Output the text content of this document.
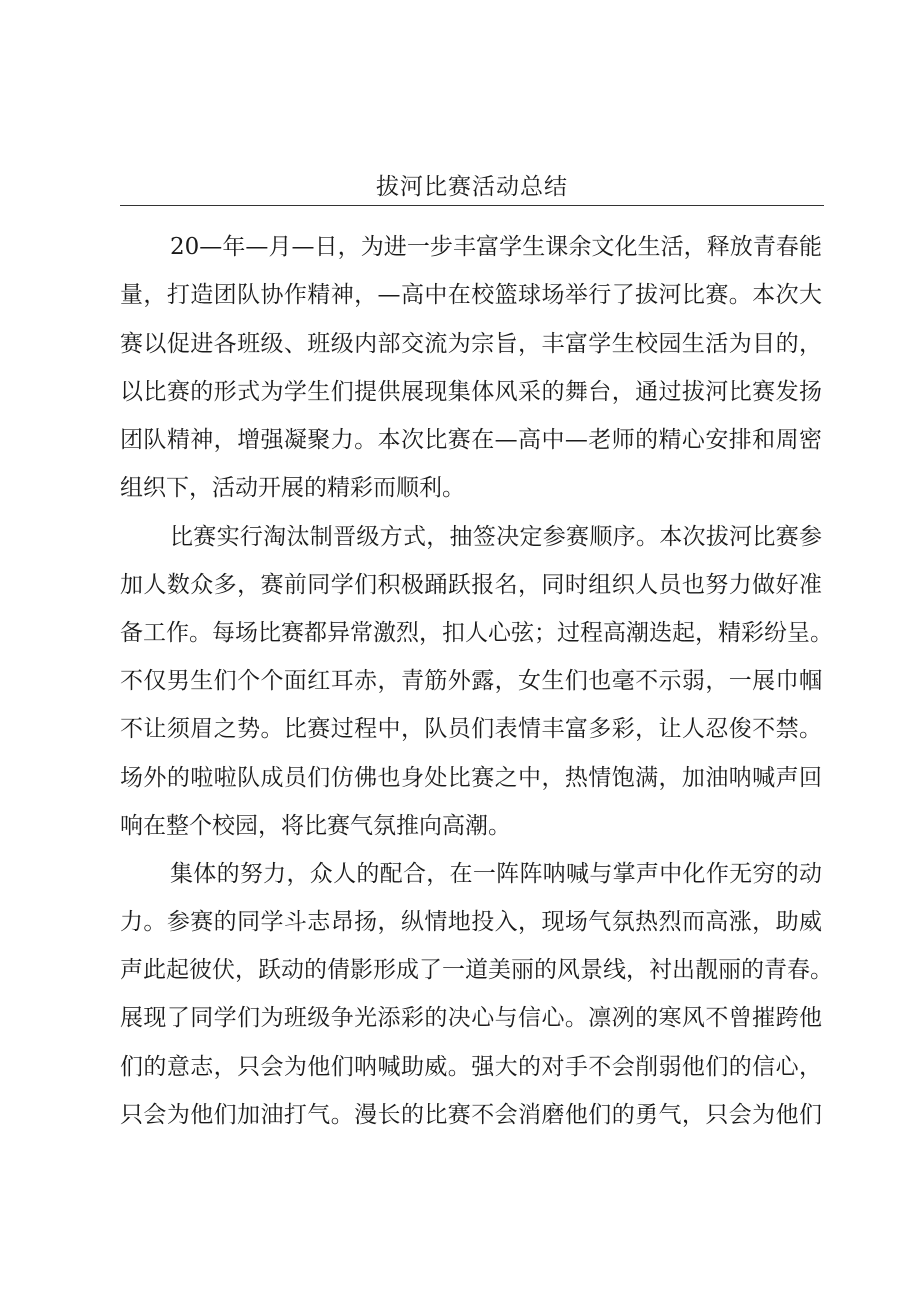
拔河比赛活动总结
20—年—月—日，为进一步丰富学生课余文化生活，释放青春能
量，打造团队协作精神，—高中在校篮球场举行了拔河比赛。本次大
赛以促进各班级、班级内部交流为宗旨，丰富学生校园生活为目的，
以比赛的形式为学生们提供展现集体风采的舞台，通过拔河比赛发扬
团队精神，增强凝聚力。本次比赛在—高中—老师的精心安排和周密
组织下，活动开展的精彩而顺利。
比赛实行淘汰制晋级方式，抽签决定参赛顺序。本次拔河比赛参
加人数众多，赛前同学们积极踊跃报名，同时组织人员也努力做好准
备工作。每场比赛都异常激烈，扣人心弦；过程高潮迭起，精彩纷呈。
不仅男生们个个面红耳赤，青筋外露，女生们也毫不示弱，一展巾帼
不让须眉之势。比赛过程中，队员们表情丰富多彩，让人忍俊不禁。
场外的啦啦队成员们仿佛也身处比赛之中，热情饱满，加油呐喊声回
响在整个校园，将比赛气氛推向高潮。
集体的努力，众人的配合，在一阵阵呐喊与掌声中化作无穷的动
力。参赛的同学斗志昂扬，纵情地投入，现场气氛热烈而高涨，助威
声此起彼伏，跃动的倩影形成了一道美丽的风景线，衬出靓丽的青春。
展现了同学们为班级争光添彩的决心与信心。凛冽的寒风不曾摧跨他
们的意志，只会为他们呐喊助威。强大的对手不会削弱他们的信心，
只会为他们加油打气。漫长的比赛不会消磨他们的勇气，只会为他们
